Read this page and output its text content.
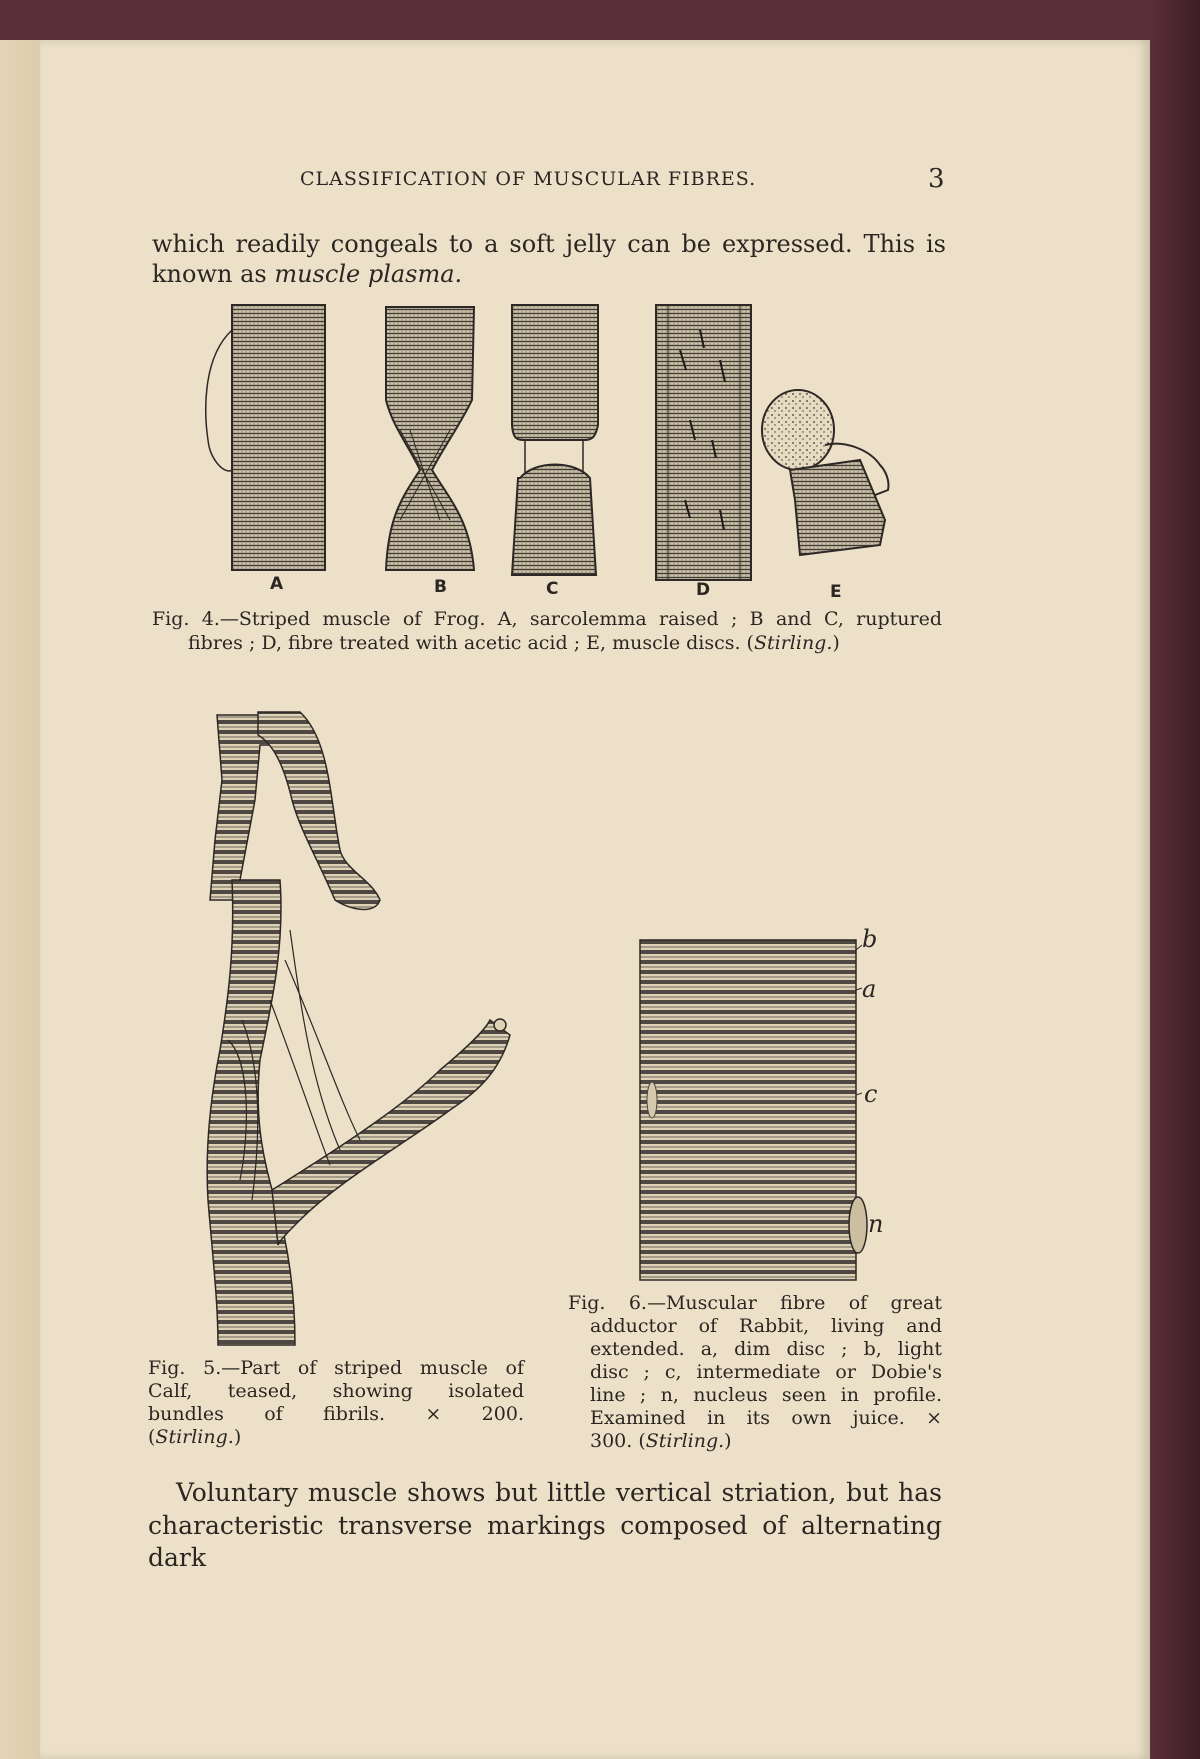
CLASSIFICATION OF MUSCULAR FIBRES.	3
which readily congeals to a soft jelly can be expressed. This is
known as muscle plasma.
A	B	C	D	E
Fig. 4.—Striped muscle of Frog. A, sarcolemma raised ; B and C, ruptured
fibres ; D, fibre treated with acetic acid ; E, muscle discs. (Stirling.)
Fig. 5.—Part of striped muscle of
Calf, teased, showing isolated
bundles of fibrils. × 200.
(Stirling.)
b
a
c
n
Fig. 6.—Muscular fibre of great
adductor of Rabbit, living and
extended. a, dim disc ; b, light
disc ; c, intermediate or Dobie's
line ; n, nucleus seen in profile.
Examined in its own juice. ×
300. (Stirling.)
Voluntary muscle shows but little vertical striation, but has
characteristic transverse markings composed of alternating dark
